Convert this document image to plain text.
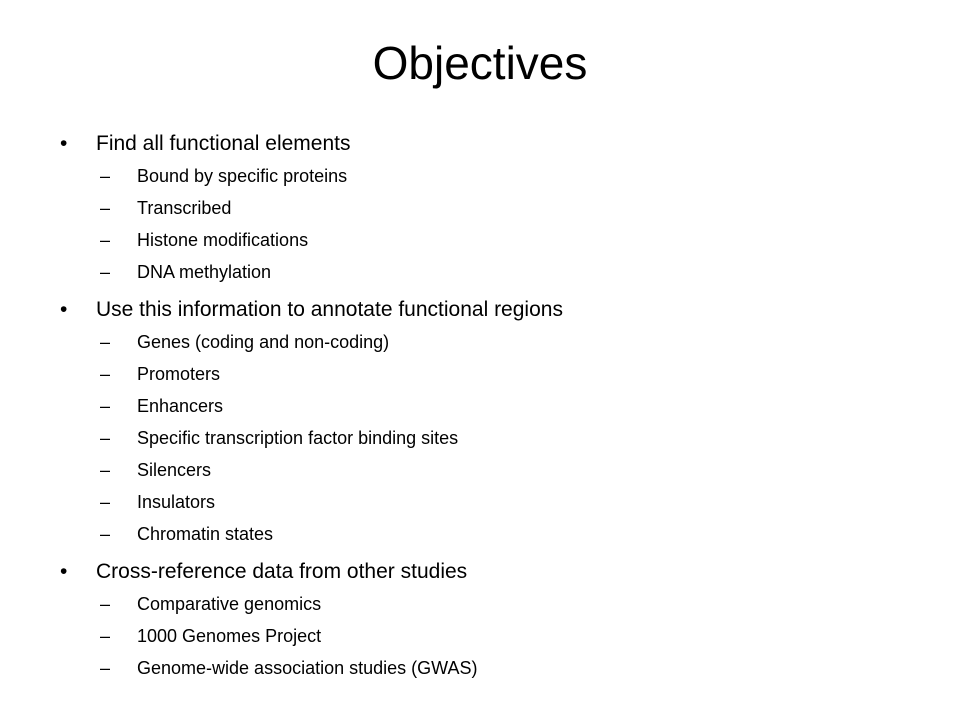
Objectives
• Find all functional elements
– Bound by specific proteins
– Transcribed
– Histone modifications
– DNA methylation
• Use this information to annotate functional regions
– Genes (coding and non-coding)
– Promoters
– Enhancers
– Specific transcription factor binding sites
– Silencers
– Insulators
– Chromatin states
• Cross-reference data from other studies
– Comparative genomics
– 1000 Genomes Project
– Genome-wide association studies (GWAS)
